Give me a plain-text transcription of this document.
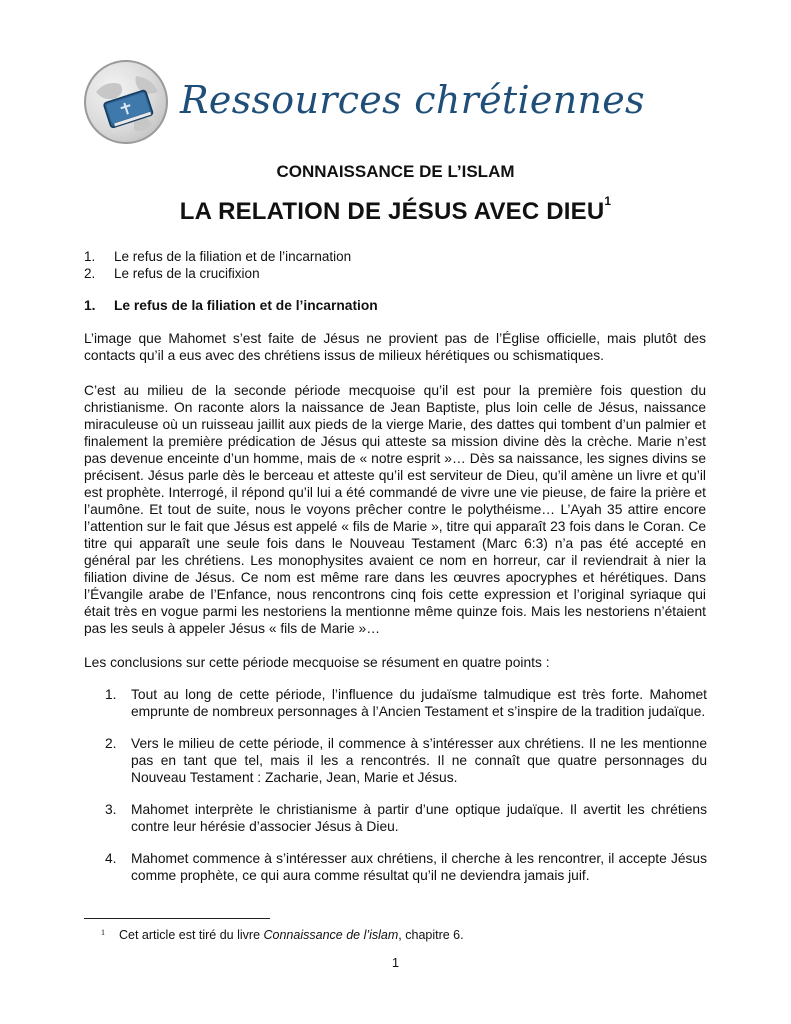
Ressources chrétiennes
CONNAISSANCE DE L’ISLAM
LA RELATION DE JÉSUS AVEC DIEU$^1$
1.	Le refus de la filiation et de l’incarnation
2.	Le refus de la crucifixion
1. Le refus de la filiation et de l’incarnation

L’image que Mahomet s’est faite de Jésus ne provient pas de l’Église officielle, mais plutôt des contacts qu’il a eus avec des chrétiens issus de milieux hérétiques ou schismatiques.

C’est au milieu de la seconde période mecquoise qu’il est pour la première fois question du christianisme. On raconte alors la naissance de Jean Baptiste, plus loin celle de Jésus, naissance miraculeuse où un ruisseau jaillit aux pieds de la vierge Marie, des dattes qui tombent d’un palmier et finalement la première prédication de Jésus qui atteste sa mission divine dès la crèche. Marie n’est pas devenue enceinte d’un homme, mais de « notre esprit »… Dès sa naissance, les signes divins se précisent. Jésus parle dès le berceau et atteste qu’il est serviteur de Dieu, qu’il amène un livre et qu’il est prophète. Interrogé, il répond qu’il lui a été commandé de vivre une vie pieuse, de faire la prière et l’aumône. Et tout de suite, nous le voyons prêcher contre le polythéisme… L’Ayah 35 attire encore l’attention sur le fait que Jésus est appelé « fils de Marie », titre qui apparaît 23 fois dans le Coran. Ce titre qui apparaît une seule fois dans le Nouveau Testament (Marc 6:3) n’a pas été accepté en général par les chrétiens. Les monophysites avaient ce nom en horreur, car il reviendrait à nier la filiation divine de Jésus. Ce nom est même rare dans les œuvres apocryphes et hérétiques. Dans l’Évangile arabe de l’Enfance, nous rencontrons cinq fois cette expression et l’original syriaque qui était très en vogue parmi les nestoriens la mentionne même quinze fois. Mais les nestoriens n’étaient pas les seuls à appeler Jésus « fils de Marie »…

Les conclusions sur cette période mecquoise se résument en quatre points :

1.	Tout au long de cette période, l’influence du judaïsme talmudique est très forte. Mahomet emprunte de nombreux personnages à l’Ancien Testament et s’inspire de la tradition judaïque.
2.	Vers le milieu de cette période, il commence à s’intéresser aux chrétiens. Il ne les mentionne pas en tant que tel, mais il les a rencontrés. Il ne connaît que quatre personnages du Nouveau Testament : Zacharie, Jean, Marie et Jésus.
3.	Mahomet interprète le christianisme à partir d’une optique judaïque. Il avertit les chrétiens contre leur hérésie d’associer Jésus à Dieu.
4.	Mahomet commence à s’intéresser aux chrétiens, il cherche à les rencontrer, il accepte Jésus comme prophète, ce qui aura comme résultat qu’il ne deviendra jamais juif.
$^1$ Cet article est tiré du livre Connaissance de l’islam, chapitre 6.
1
